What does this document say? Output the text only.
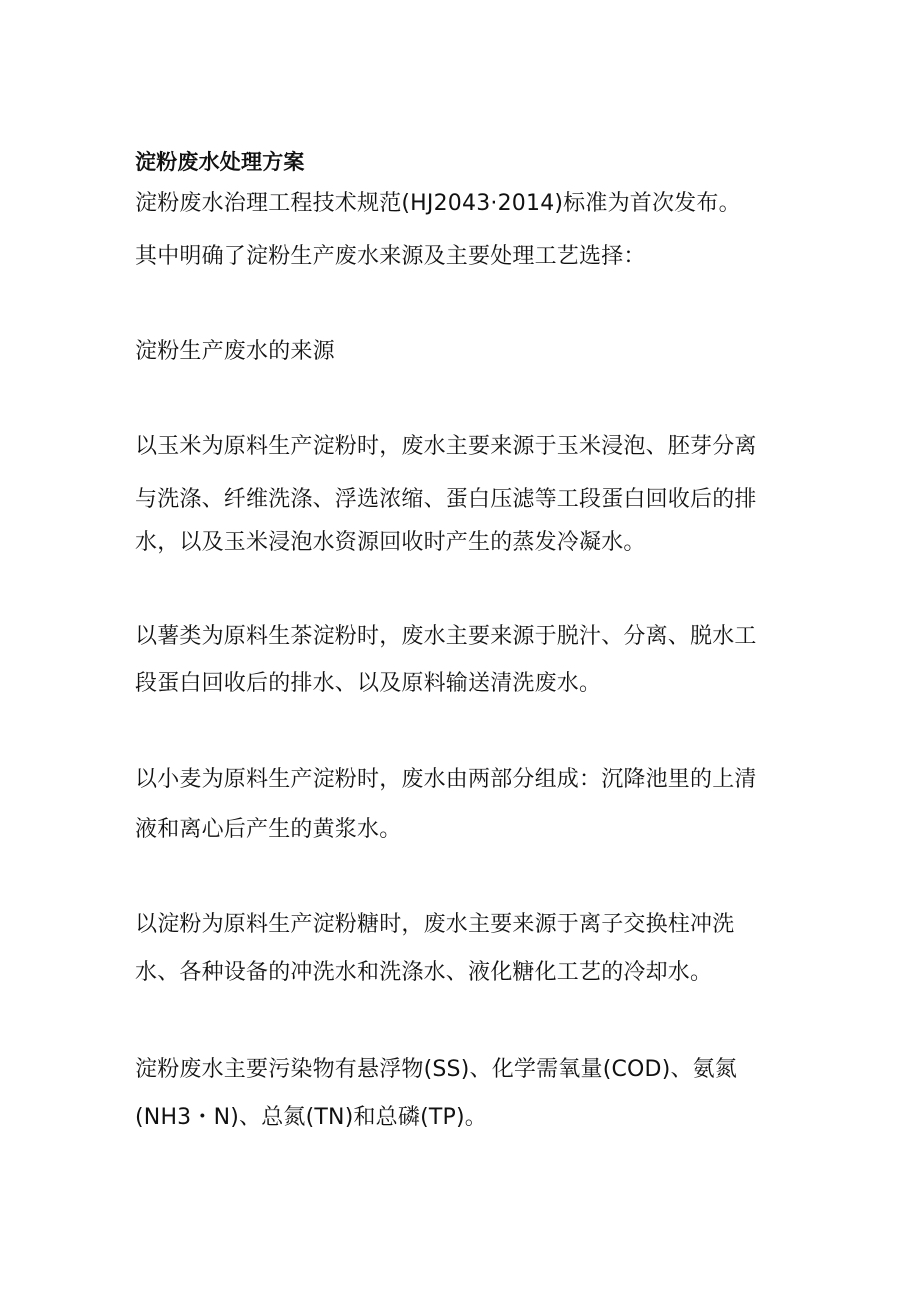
淀粉废水处理方案

淀粉废水治理工程技术规范(HJ2043·2014)标准为首次发布。

其中明确了淀粉生产废水来源及主要处理工艺选择：

淀粉生产废水的来源

以玉米为原料生产淀粉时，废水主要来源于玉米浸泡、胚芽分离

与洗涤、纤维洗涤、浮选浓缩、蛋白压滤等工段蛋白回收后的排

水，以及玉米浸泡水资源回收时产生的蒸发冷凝水。

以薯类为原料生茶淀粉时，废水主要来源于脱汁、分离、脱水工

段蛋白回收后的排水、以及原料输送清洗废水。

以小麦为原料生产淀粉时，废水由两部分组成：沉降池里的上清

液和离心后产生的黄浆水。

以淀粉为原料生产淀粉糖时，废水主要来源于离子交换柱冲洗

水、各种设备的冲洗水和洗涤水、液化糖化工艺的冷却水。

淀粉废水主要污染物有悬浮物(SS)、化学需氧量(COD)、氨氮

(NH3・N)、总氮(TN)和总磷(TP)。
